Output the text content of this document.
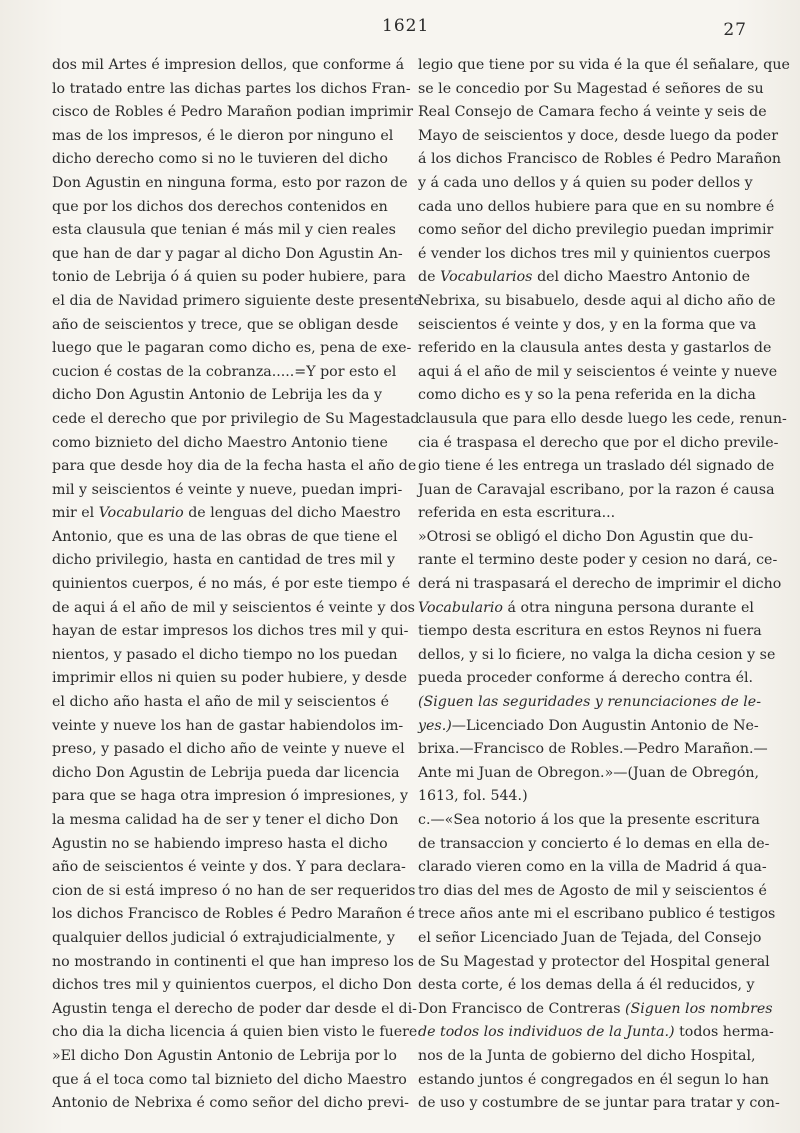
1621	27
dos mil Artes é impresion dellos, que conforme á
lo tratado entre las dichas partes los dichos Fran-
cisco de Robles é Pedro Marañon podian imprimir
mas de los impresos, é le dieron por ninguno el
dicho derecho como si no le tuvieren del dicho
Don Agustin en ninguna forma, esto por razon de
que por los dichos dos derechos contenidos en
esta clausula que tenian é más mil y cien reales
que han de dar y pagar al dicho Don Agustin An-
tonio de Lebrija ó á quien su poder hubiere, para
el dia de Navidad primero siguiente deste presente
año de seiscientos y trece, que se obligan desde
luego que le pagaran como dicho es, pena de exe-
cucion é costas de la cobranza.....=Y por esto el
dicho Don Agustin Antonio de Lebrija les da y
cede el derecho que por privilegio de Su Magestad
como biznieto del dicho Maestro Antonio tiene
para que desde hoy dia de la fecha hasta el año de
mil y seiscientos é veinte y nueve, puedan impri-
mir el Vocabulario de lenguas del dicho Maestro
Antonio, que es una de las obras de que tiene el
dicho privilegio, hasta en cantidad de tres mil y
quinientos cuerpos, é no más, é por este tiempo é
de aqui á el año de mil y seiscientos é veinte y dos
hayan de estar impresos los dichos tres mil y qui-
nientos, y pasado el dicho tiempo no los puedan
imprimir ellos ni quien su poder hubiere, y desde
el dicho año hasta el año de mil y seiscientos é
veinte y nueve los han de gastar habiendolos im-
preso, y pasado el dicho año de veinte y nueve el
dicho Don Agustin de Lebrija pueda dar licencia
para que se haga otra impresion ó impresiones, y
la mesma calidad ha de ser y tener el dicho Don
Agustin no se habiendo impreso hasta el dicho
año de seiscientos é veinte y dos. Y para declara-
cion de si está impreso ó no han de ser requeridos
los dichos Francisco de Robles é Pedro Marañon é
qualquier dellos judicial ó extrajudicialmente, y
no mostrando in continenti el que han impreso los
dichos tres mil y quinientos cuerpos, el dicho Don
Agustin tenga el derecho de poder dar desde el di-
cho dia la dicha licencia á quien bien visto le fuere·
»El dicho Don Agustin Antonio de Lebrija por lo
que á el toca como tal biznieto del dicho Maestro
Antonio de Nebrixa é como señor del dicho previ-
legio que tiene por su vida é la que él señalare, que
se le concedio por Su Magestad é señores de su
Real Consejo de Camara fecho á veinte y seis de
Mayo de seiscientos y doce, desde luego da poder
á los dichos Francisco de Robles é Pedro Marañon
y á cada uno dellos y á quien su poder dellos y
cada uno dellos hubiere para que en su nombre é
como señor del dicho previlegio puedan imprimir
é vender los dichos tres mil y quinientos cuerpos
de Vocabularios del dicho Maestro Antonio de
Nebrixa, su bisabuelo, desde aqui al dicho año de
seiscientos é veinte y dos, y en la forma que va
referido en la clausula antes desta y gastarlos de
aqui á el año de mil y seiscientos é veinte y nueve
como dicho es y so la pena referida en la dicha
clausula que para ello desde luego les cede, renun-
cia é traspasa el derecho que por el dicho previle-
gio tiene é les entrega un traslado dél signado de
Juan de Caravajal escribano, por la razon é causa
referida en esta escritura...
»Otrosi se obligó el dicho Don Agustin que du-
rante el termino deste poder y cesion no dará, ce-
derá ni traspasará el derecho de imprimir el dicho
Vocabulario á otra ninguna persona durante el
tiempo desta escritura en estos Reynos ni fuera
dellos, y si lo ficiere, no valga la dicha cesion y se
pueda proceder conforme á derecho contra él.
(Siguen las seguridades y renunciaciones de le-
yes.)—Licenciado Don Augustin Antonio de Ne-
brixa.—Francisco de Robles.—Pedro Marañon.—
Ante mi Juan de Obregon.»—(Juan de Obregón,
1613, fol. 544.)
c.—«Sea notorio á los que la presente escritura
de transaccion y concierto é lo demas en ella de-
clarado vieren como en la villa de Madrid á qua-
tro dias del mes de Agosto de mil y seiscientos é
trece años ante mi el escribano publico é testigos
el señor Licenciado Juan de Tejada, del Consejo
de Su Magestad y protector del Hospital general
desta corte, é los demas della á él reducidos, y
Don Francisco de Contreras (Siguen los nombres
de todos los individuos de la Junta.) todos herma-
nos de la Junta de gobierno del dicho Hospital,
estando juntos é congregados en él segun lo han
de uso y costumbre de se juntar para tratar y con-
